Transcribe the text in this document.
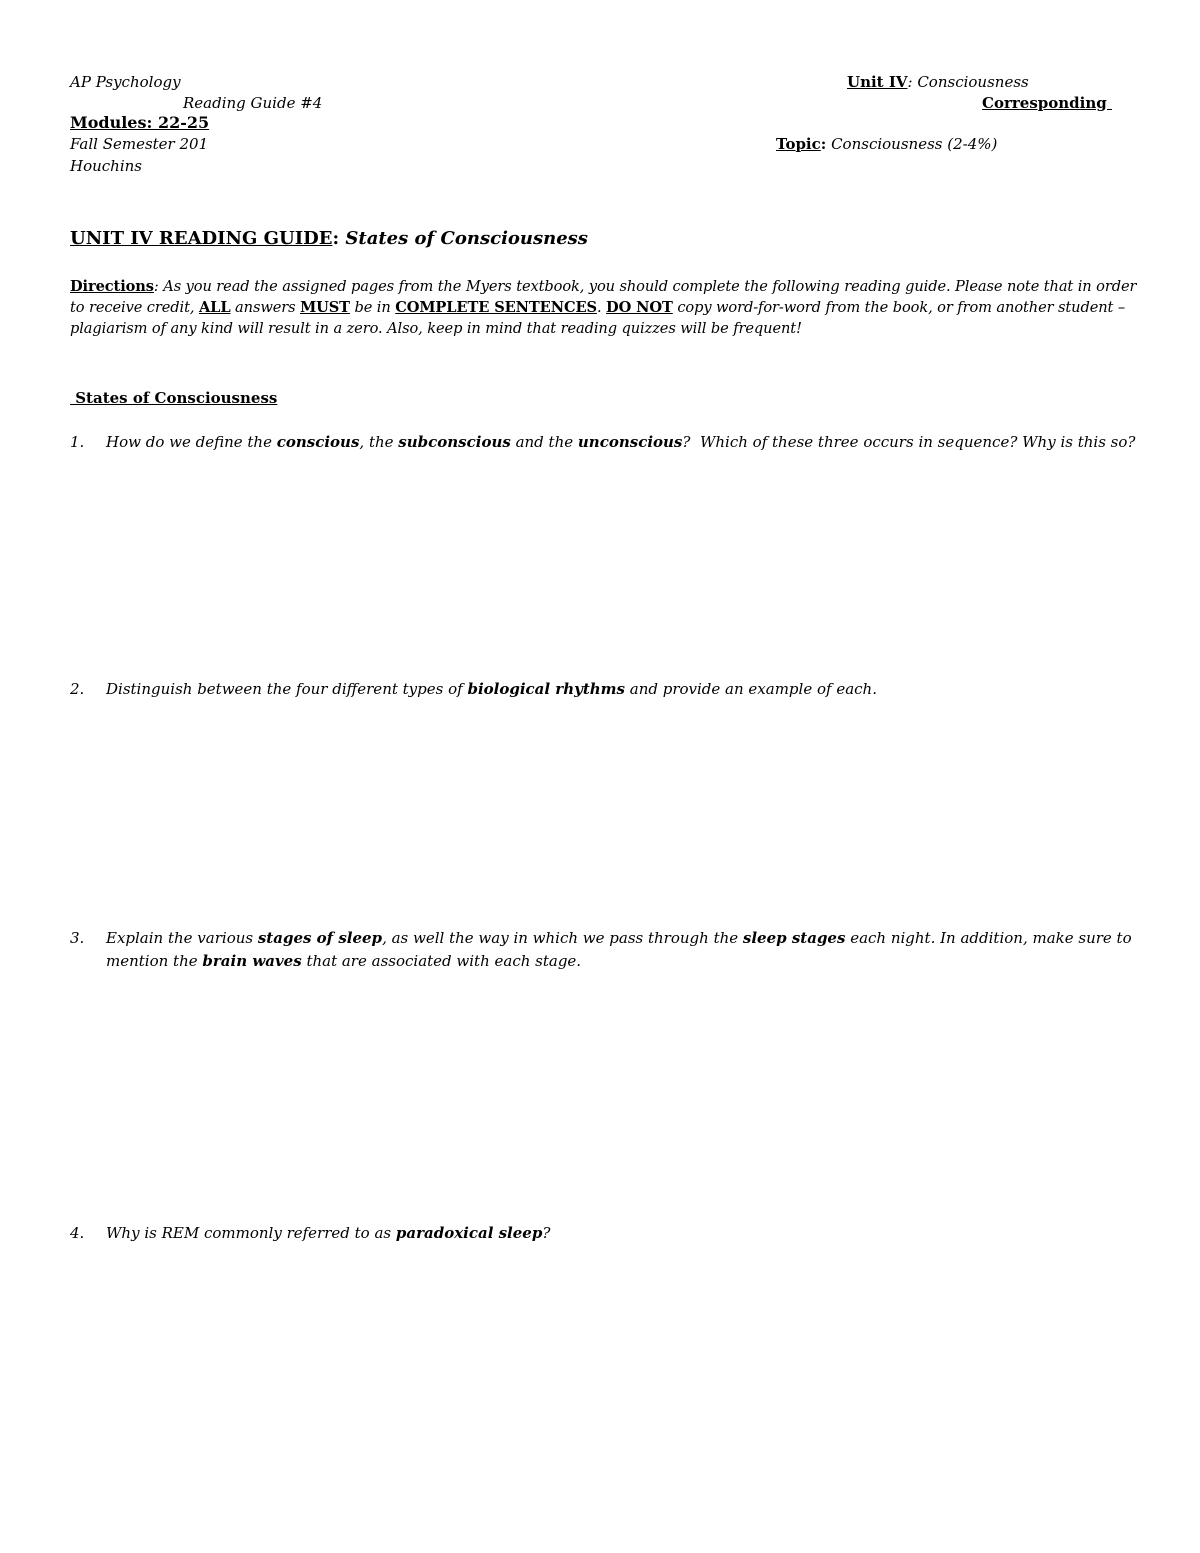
AP Psychology
Reading Guide #4
Modules: 22-25
Fall Semester 201
Houchins
Unit IV: Consciousness
Corresponding
Topic: Consciousness (2-4%)
UNIT IV READING GUIDE: States of Consciousness
Directions: As you read the assigned pages from the Myers textbook, you should complete the following reading guide. Please note that in order
to receive credit, ALL answers MUST be in COMPLETE SENTENCES. DO NOT copy word-for-word from the book, or from another student –
plagiarism of any kind will result in a zero. Also, keep in mind that reading quizzes will be frequent!
States of Consciousness
1. How do we define the conscious, the subconscious and the unconscious?  Which of these three occurs in sequence? Why is this so?
2. Distinguish between the four different types of biological rhythms and provide an example of each.
3. Explain the various stages of sleep, as well the way in which we pass through the sleep stages each night. In addition, make sure to
mention the brain waves that are associated with each stage.
4. Why is REM commonly referred to as paradoxical sleep?
